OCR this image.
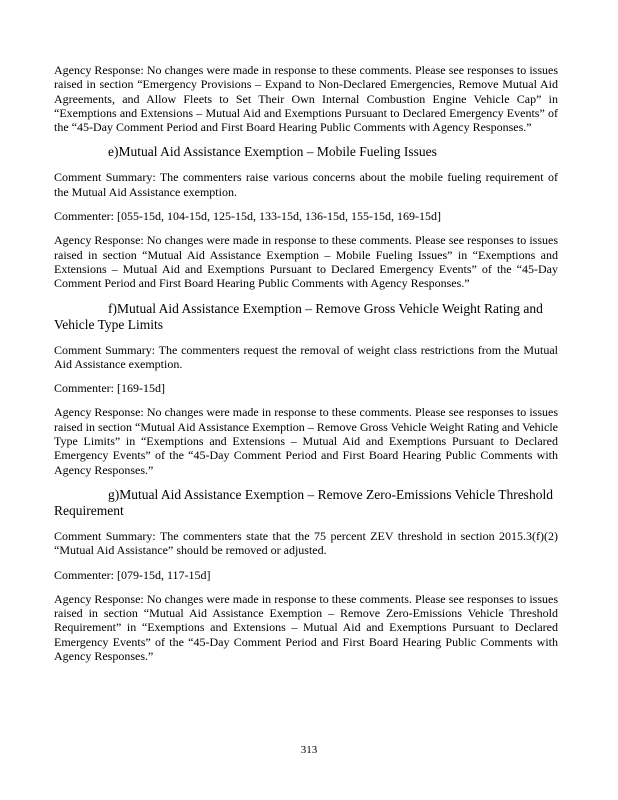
Agency Response: No changes were made in response to these comments. Please see responses to issues raised in section “Emergency Provisions – Expand to Non-Declared Emergencies, Remove Mutual Aid Agreements, and Allow Fleets to Set Their Own Internal Combustion Engine Vehicle Cap” in “Exemptions and Extensions – Mutual Aid and Exemptions Pursuant to Declared Emergency Events” of the “45-Day Comment Period and First Board Hearing Public Comments with Agency Responses.”

e)Mutual Aid Assistance Exemption – Mobile Fueling Issues

Comment Summary: The commenters raise various concerns about the mobile fueling requirement of the Mutual Aid Assistance exemption.

Commenter: [055-15d, 104-15d, 125-15d, 133-15d, 136-15d, 155-15d, 169-15d]

Agency Response: No changes were made in response to these comments. Please see responses to issues raised in section “Mutual Aid Assistance Exemption – Mobile Fueling Issues” in “Exemptions and Extensions – Mutual Aid and Exemptions Pursuant to Declared Emergency Events” of the “45-Day Comment Period and First Board Hearing Public Comments with Agency Responses.”

f)Mutual Aid Assistance Exemption – Remove Gross Vehicle Weight Rating and Vehicle Type Limits

Comment Summary: The commenters request the removal of weight class restrictions from the Mutual Aid Assistance exemption.

Commenter: [169-15d]

Agency Response: No changes were made in response to these comments. Please see responses to issues raised in section “Mutual Aid Assistance Exemption – Remove Gross Vehicle Weight Rating and Vehicle Type Limits” in “Exemptions and Extensions – Mutual Aid and Exemptions Pursuant to Declared Emergency Events” of the “45-Day Comment Period and First Board Hearing Public Comments with Agency Responses.”

g)Mutual Aid Assistance Exemption – Remove Zero-Emissions Vehicle Threshold Requirement

Comment Summary: The commenters state that the 75 percent ZEV threshold in section 2015.3(f)(2) “Mutual Aid Assistance” should be removed or adjusted.

Commenter: [079-15d, 117-15d]

Agency Response: No changes were made in response to these comments. Please see responses to issues raised in section “Mutual Aid Assistance Exemption – Remove Zero-Emissions Vehicle Threshold Requirement” in “Exemptions and Extensions – Mutual Aid and Exemptions Pursuant to Declared Emergency Events” of the “45-Day Comment Period and First Board Hearing Public Comments with Agency Responses.”

313
